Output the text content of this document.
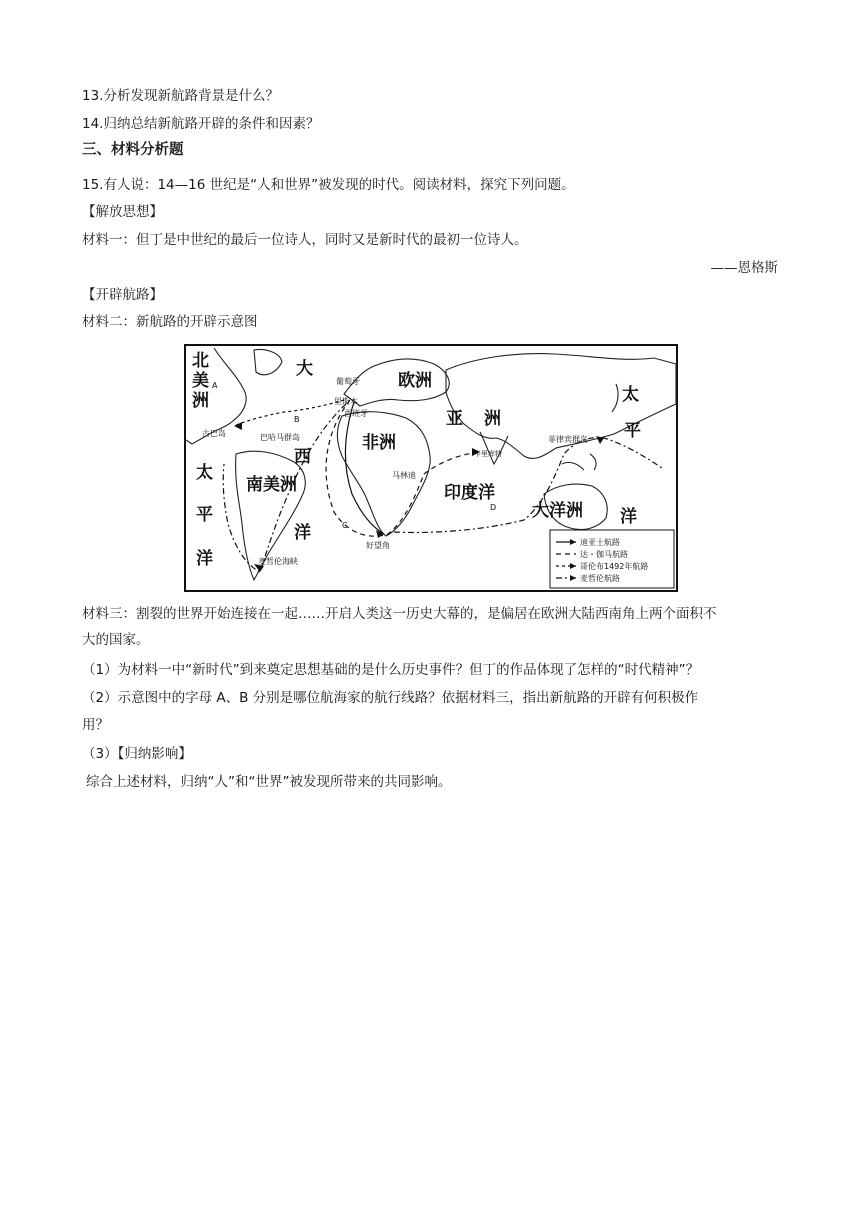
13.分析发现新航路背景是什么？
14.归纳总结新航路开辟的条件和因素？
三、材料分析题
15.有人说：14—16 世纪是“人和世界”被发现的时代。阅读材料，探究下列问题。
【解放思想】
材料一：但丁是中世纪的最后一位诗人，同时又是新时代的最初一位诗人。
——恩格斯
【开辟航路】
材料二：新航路的开辟示意图
北
美
洲
大
欧洲
亚 洲
太
平
洋
葡萄牙
里斯本
西班牙
古巴岛	巴哈马群岛	非洲	菲律宾群岛
卡里库特
西
南美洲	马林迪
印度洋
太
平
洋
洋
大洋洲
好望角
麦哲伦海峡
A
B
C
D
迪亚士航路
达・伽马航路
哥伦布1492年航路
麦哲伦航路
材料三：割裂的世界开始连接在一起……开启人类这一历史大幕的，是偏居在欧洲大陆西南角上两个面积不
大的国家。
（1）为材料一中“新时代”到来奠定思想基础的是什么历史事件？但丁的作品体现了怎样的“时代精神”？
（2）示意图中的字母 A、B 分别是哪位航海家的航行线路？依据材料三，指出新航路的开辟有何积极作
用？
（3）【归纳影响】
综合上述材料，归纳“人”和“世界”被发现所带来的共同影响。
